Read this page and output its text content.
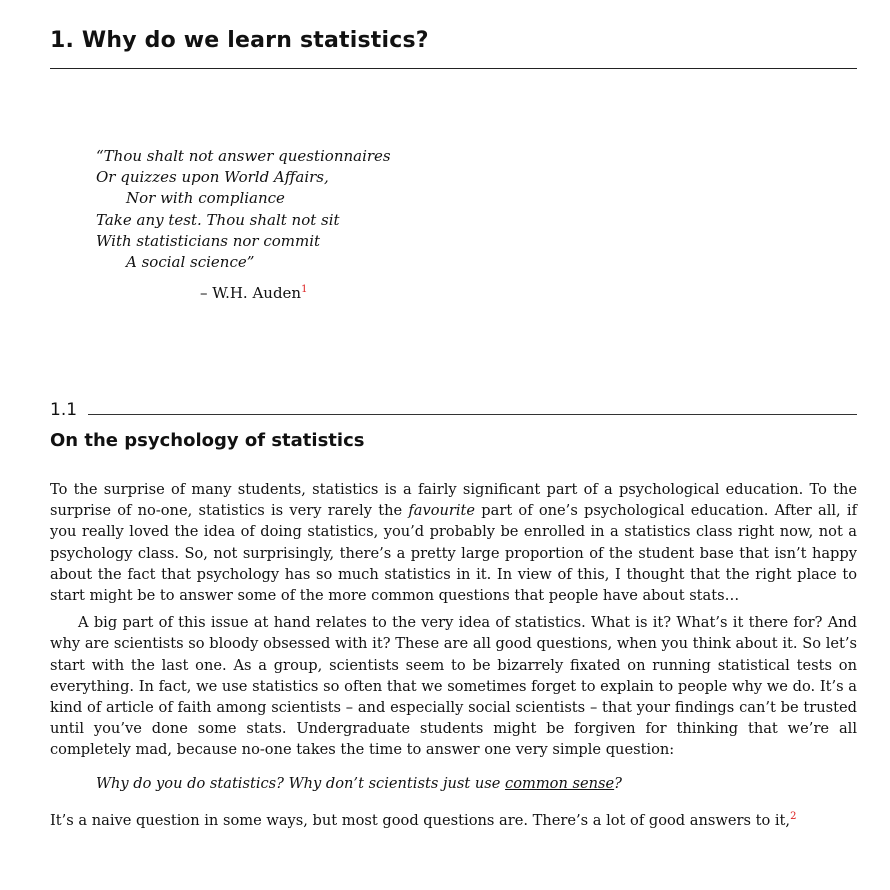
1. Why do we learn statistics?
“Thou shalt not answer questionnaires
Or quizzes upon World Affairs,
Nor with compliance
Take any test. Thou shalt not sit
With statisticians nor commit
A social science”
– W.H. Auden$^1$
1.1
On the psychology of statistics

To the surprise of many students, statistics is a fairly significant part of a psychological education. To the surprise of no-one, statistics is very rarely the favourite part of one’s psychological education. After all, if you really loved the idea of doing statistics, you’d probably be enrolled in a statistics class right now, not a psychology class. So, not surprisingly, there’s a pretty large proportion of the student base that isn’t happy about the fact that psychology has so much statistics in it. In view of this, I thought that the right place to start might be to answer some of the more common questions that people have about stats…

A big part of this issue at hand relates to the very idea of statistics. What is it? What’s it there for? And why are scientists so bloody obsessed with it? These are all good questions, when you think about it. So let’s start with the last one. As a group, scientists seem to be bizarrely fixated on running statistical tests on everything. In fact, we use statistics so often that we sometimes forget to explain to people why we do. It’s a kind of article of faith among scientists – and especially social scientists – that your findings can’t be trusted until you’ve done some stats. Undergraduate students might be forgiven for thinking that we’re all completely mad, because no-one takes the time to answer one very simple question:

Why do you do statistics? Why don’t scientists just use common sense?

It’s a naive question in some ways, but most good questions are. There’s a lot of good answers to it,$^2$
